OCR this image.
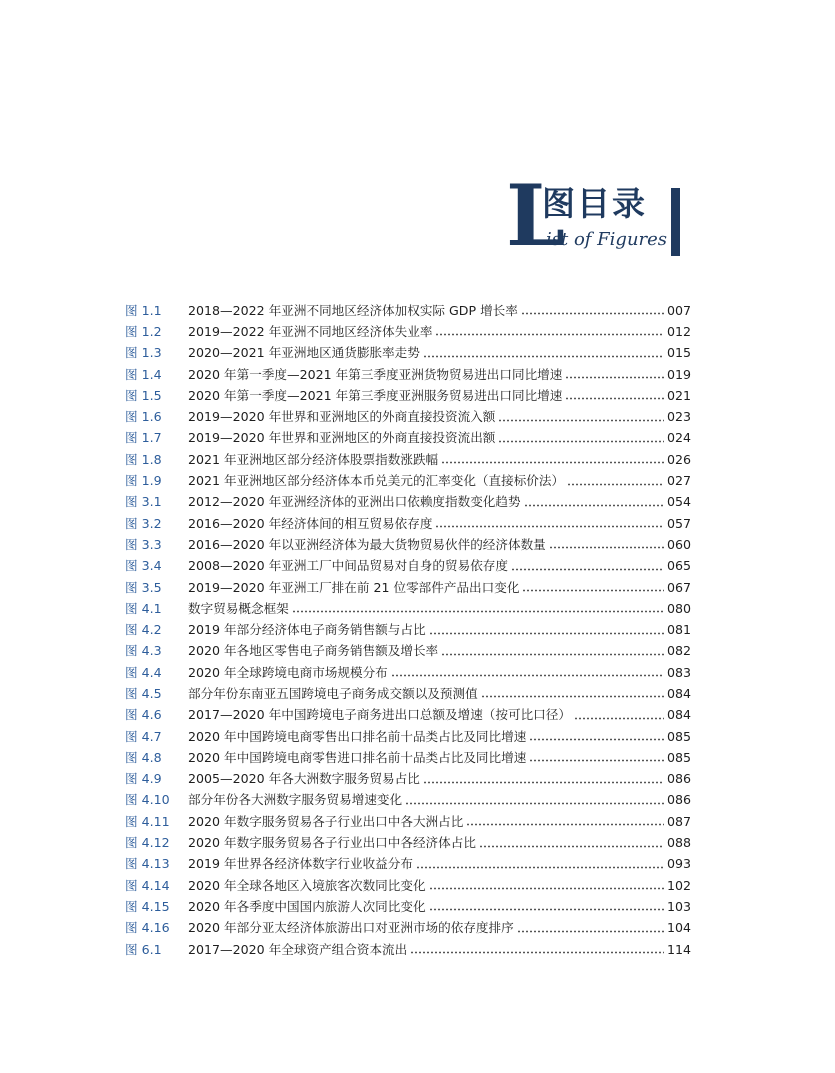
L
图目录
ist of Figures
图 1.1	2018—2022 年亚洲不同地区经济体加权实际 GDP 增长率	007
图 1.2	2019—2022 年亚洲不同地区经济体失业率	012
图 1.3	2020—2021 年亚洲地区通货膨胀率走势	015
图 1.4	2020 年第一季度—2021 年第三季度亚洲货物贸易进出口同比增速	019
图 1.5	2020 年第一季度—2021 年第三季度亚洲服务贸易进出口同比增速	021
图 1.6	2019—2020 年世界和亚洲地区的外商直接投资流入额	023
图 1.7	2019—2020 年世界和亚洲地区的外商直接投资流出额	024
图 1.8	2021 年亚洲地区部分经济体股票指数涨跌幅	026
图 1.9	2021 年亚洲地区部分经济体本币兑美元的汇率变化（直接标价法）	027
图 3.1	2012—2020 年亚洲经济体的亚洲出口依赖度指数变化趋势	054
图 3.2	2016—2020 年经济体间的相互贸易依存度	057
图 3.3	2016—2020 年以亚洲经济体为最大货物贸易伙伴的经济体数量	060
图 3.4	2008—2020 年亚洲工厂中间品贸易对自身的贸易依存度	065
图 3.5	2019—2020 年亚洲工厂排在前 21 位零部件产品出口变化	067
图 4.1	数字贸易概念框架	080
图 4.2	2019 年部分经济体电子商务销售额与占比	081
图 4.3	2020 年各地区零售电子商务销售额及增长率	082
图 4.4	2020 年全球跨境电商市场规模分布	083
图 4.5	部分年份东南亚五国跨境电子商务成交额以及预测值	084
图 4.6	2017—2020 年中国跨境电子商务进出口总额及增速（按可比口径）	084
图 4.7	2020 年中国跨境电商零售出口排名前十品类占比及同比增速	085
图 4.8	2020 年中国跨境电商零售进口排名前十品类占比及同比增速	085
图 4.9	2005—2020 年各大洲数字服务贸易占比	086
图 4.10	部分年份各大洲数字服务贸易增速变化	086
图 4.11	2020 年数字服务贸易各子行业出口中各大洲占比	087
图 4.12	2020 年数字服务贸易各子行业出口中各经济体占比	088
图 4.13	2019 年世界各经济体数字行业收益分布	093
图 4.14	2020 年全球各地区入境旅客次数同比变化	102
图 4.15	2020 年各季度中国国内旅游人次同比变化	103
图 4.16	2020 年部分亚太经济体旅游出口对亚洲市场的依存度排序	104
图 6.1	2017—2020 年全球资产组合资本流出	114
